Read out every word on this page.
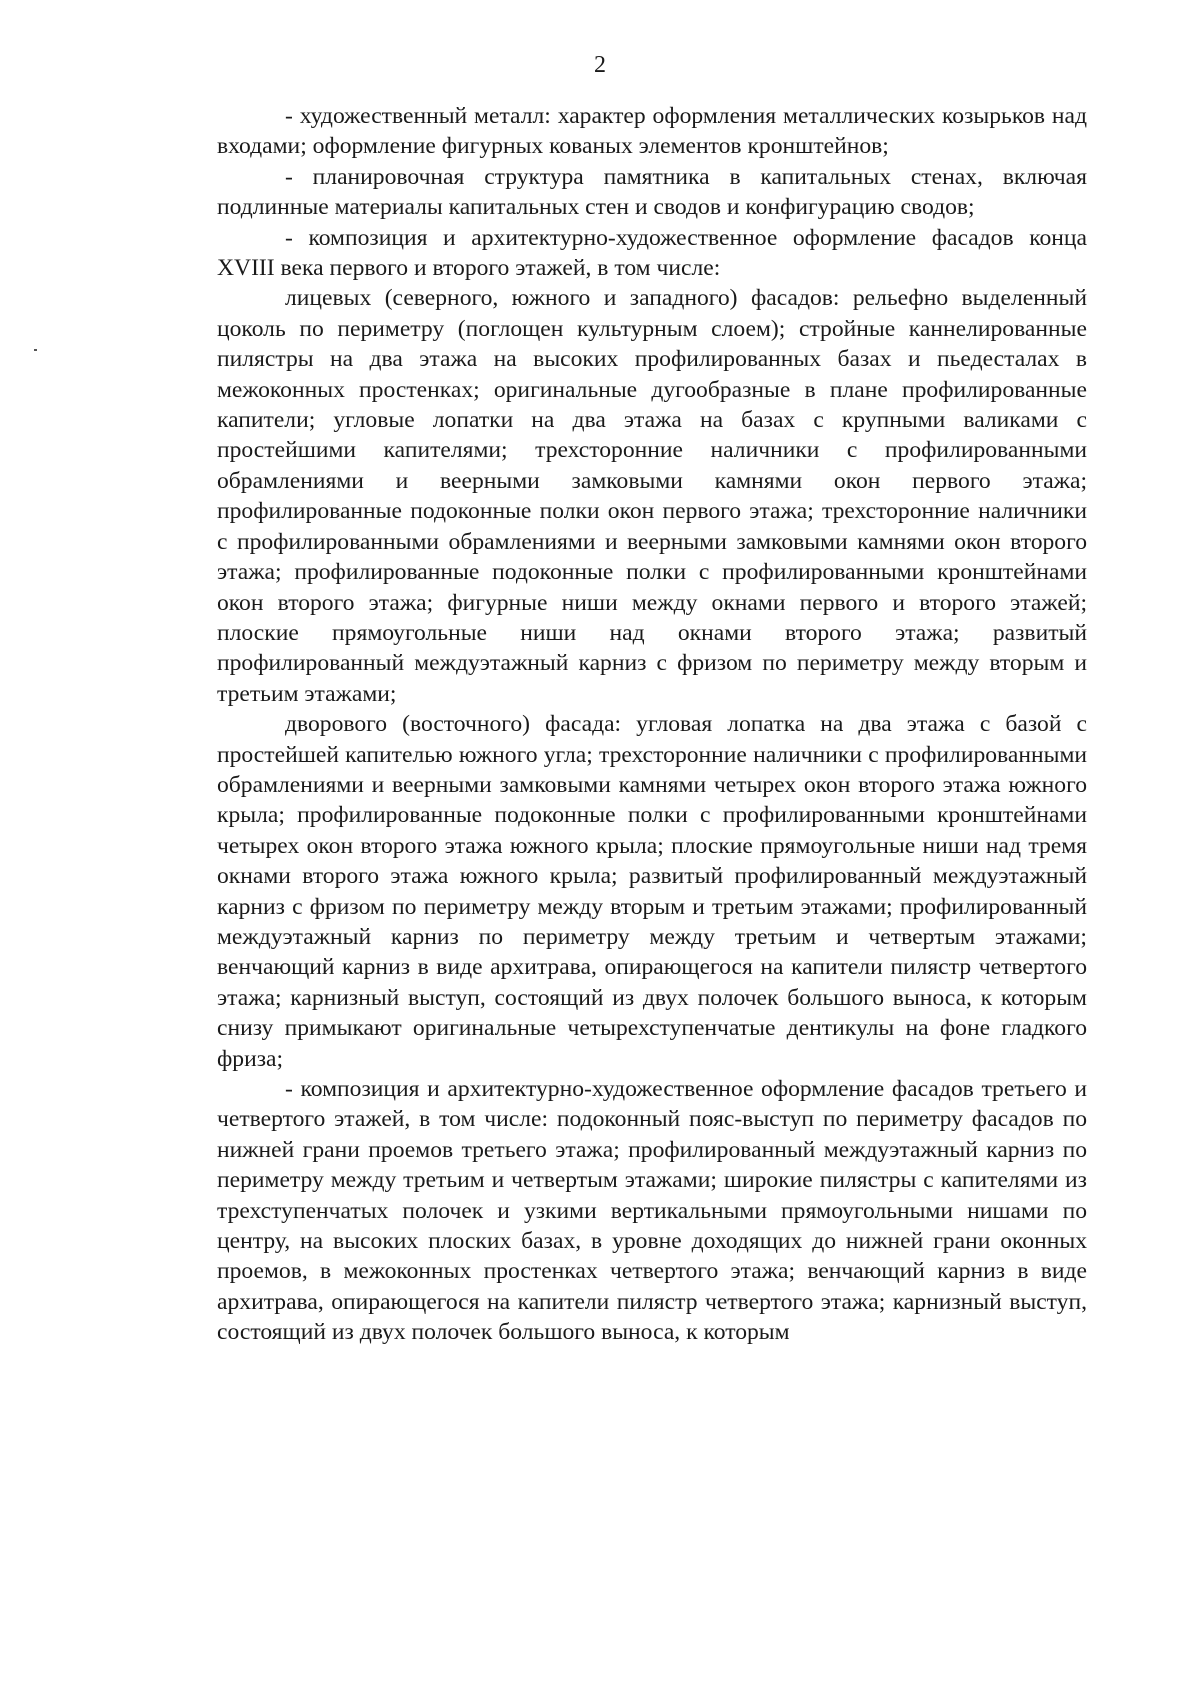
2

- художественный металл: характер оформления металлических козырьков над входами; оформление фигурных кованых элементов кронштейнов;

- планировочная структура памятника в капитальных стенах, включая подлинные материалы капитальных стен и сводов и конфигурацию сводов;

- композиция и архитектурно-художественное оформление фасадов конца XVIII века первого и второго этажей, в том числе:

лицевых (северного, южного и западного) фасадов: рельефно выделенный цоколь по периметру (поглощен культурным слоем); стройные каннелированные пилястры на два этажа на высоких профилированных базах и пьедесталах в межоконных простенках; оригинальные дугообразные в плане профилированные капители; угловые лопатки на два этажа на базах с крупными валиками с простейшими капителями; трехсторонние наличники с профилированными обрамлениями и веерными замковыми камнями окон первого этажа; профилированные подоконные полки окон первого этажа; трехсторонние наличники с профилированными обрамлениями и веерными замковыми камнями окон второго этажа; профилированные подоконные полки с профилированными кронштейнами окон второго этажа; фигурные ниши между окнами первого и второго этажей; плоские прямоугольные ниши над окнами второго этажа; развитый профилированный междуэтажный карниз с фризом по периметру между вторым и третьим этажами;

дворового (восточного) фасада: угловая лопатка на два этажа с базой с простейшей капителью южного угла; трехсторонние наличники с профилированными обрамлениями и веерными замковыми камнями четырех окон второго этажа южного крыла; профилированные подоконные полки с профилированными кронштейнами четырех окон второго этажа южного крыла; плоские прямоугольные ниши над тремя окнами второго этажа южного крыла; развитый профилированный междуэтажный карниз с фризом по периметру между вторым и третьим этажами; профилированный междуэтажный карниз по периметру между третьим и четвертым этажами; венчающий карниз в виде архитрава, опирающегося на капители пилястр четвертого этажа; карнизный выступ, состоящий из двух полочек большого выноса, к которым снизу примыкают оригинальные четырехступенчатые дентикулы на фоне гладкого фриза;

- композиция и архитектурно-художественное оформление фасадов третьего и четвертого этажей, в том числе: подоконный пояс-выступ по периметру фасадов по нижней грани проемов третьего этажа; профилированный междуэтажный карниз по периметру между третьим и четвертым этажами; широкие пилястры с капителями из трехступенчатых полочек и узкими вертикальными прямоугольными нишами по центру, на высоких плоских базах, в уровне доходящих до нижней грани оконных проемов, в межоконных простенках четвертого этажа; венчающий карниз в виде архитрава, опирающегося на капители пилястр четвертого этажа; карнизный выступ, состоящий из двух полочек большого выноса, к которым
